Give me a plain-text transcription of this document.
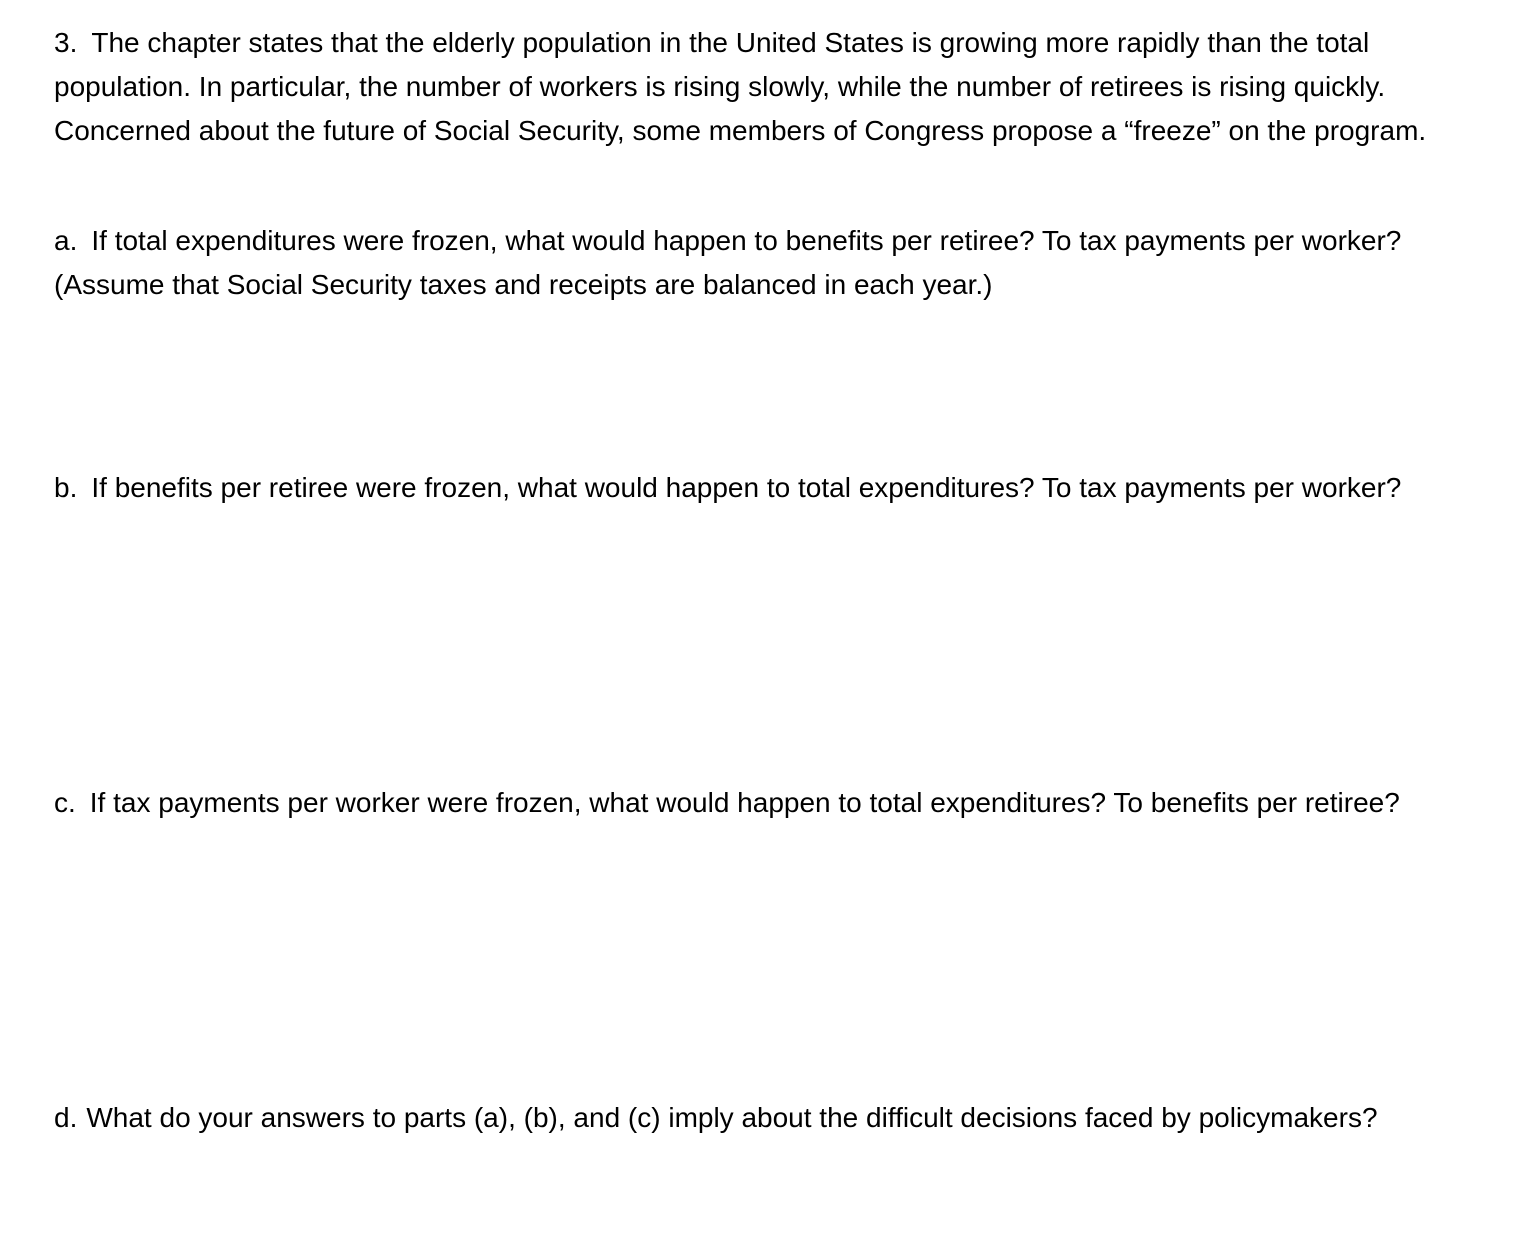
3. The chapter states that the elderly population in the United States is growing more rapidly than the total population. In particular, the number of workers is rising slowly, while the number of retirees is rising quickly. Concerned about the future of Social Security, some members of Congress propose a “freeze” on the program.

a. If total expenditures were frozen, what would happen to benefits per retiree? To tax payments per worker? (Assume that Social Security taxes and receipts are balanced in each year.)

b. If benefits per retiree were frozen, what would happen to total expenditures? To tax payments per worker?

c. If tax payments per worker were frozen, what would happen to total expenditures? To benefits per retiree?

d. What do your answers to parts (a), (b), and (c) imply about the difficult decisions faced by policymakers?
